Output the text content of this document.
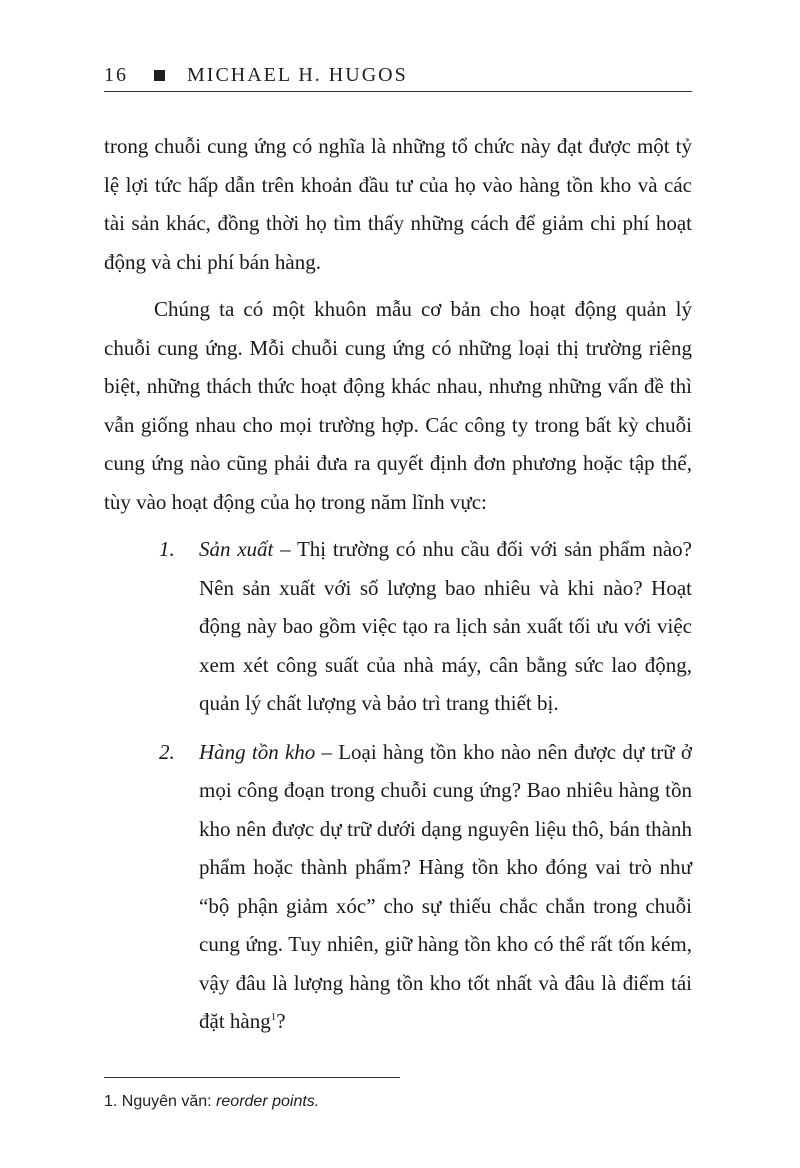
16	MICHAEL H. HUGOS

trong chuỗi cung ứng có nghĩa là những tổ chức này đạt được một tỷ lệ lợi tức hấp dẫn trên khoản đầu tư của họ vào hàng tồn kho và các tài sản khác, đồng thời họ tìm thấy những cách để giảm chi phí hoạt động và chi phí bán hàng.

Chúng ta có một khuôn mẫu cơ bản cho hoạt động quản lý chuỗi cung ứng. Mỗi chuỗi cung ứng có những loại thị trường riêng biệt, những thách thức hoạt động khác nhau, nhưng những vấn đề thì vẫn giống nhau cho mọi trường hợp. Các công ty trong bất kỳ chuỗi cung ứng nào cũng phải đưa ra quyết định đơn phương hoặc tập thể, tùy vào hoạt động của họ trong năm lĩnh vực:

1. Sản xuất – Thị trường có nhu cầu đối với sản phẩm nào? Nên sản xuất với số lượng bao nhiêu và khi nào? Hoạt động này bao gồm việc tạo ra lịch sản xuất tối ưu với việc xem xét công suất của nhà máy, cân bằng sức lao động, quản lý chất lượng và bảo trì trang thiết bị.
2. Hàng tồn kho – Loại hàng tồn kho nào nên được dự trữ ở mọi công đoạn trong chuỗi cung ứng? Bao nhiêu hàng tồn kho nên được dự trữ dưới dạng nguyên liệu thô, bán thành phẩm hoặc thành phẩm? Hàng tồn kho đóng vai trò như “bộ phận giảm xóc” cho sự thiếu chắc chắn trong chuỗi cung ứng. Tuy nhiên, giữ hàng tồn kho có thể rất tốn kém, vậy đâu là lượng hàng tồn kho tốt nhất và đâu là điểm tái đặt hàng$^1$?
1. Nguyên văn: reorder points.
